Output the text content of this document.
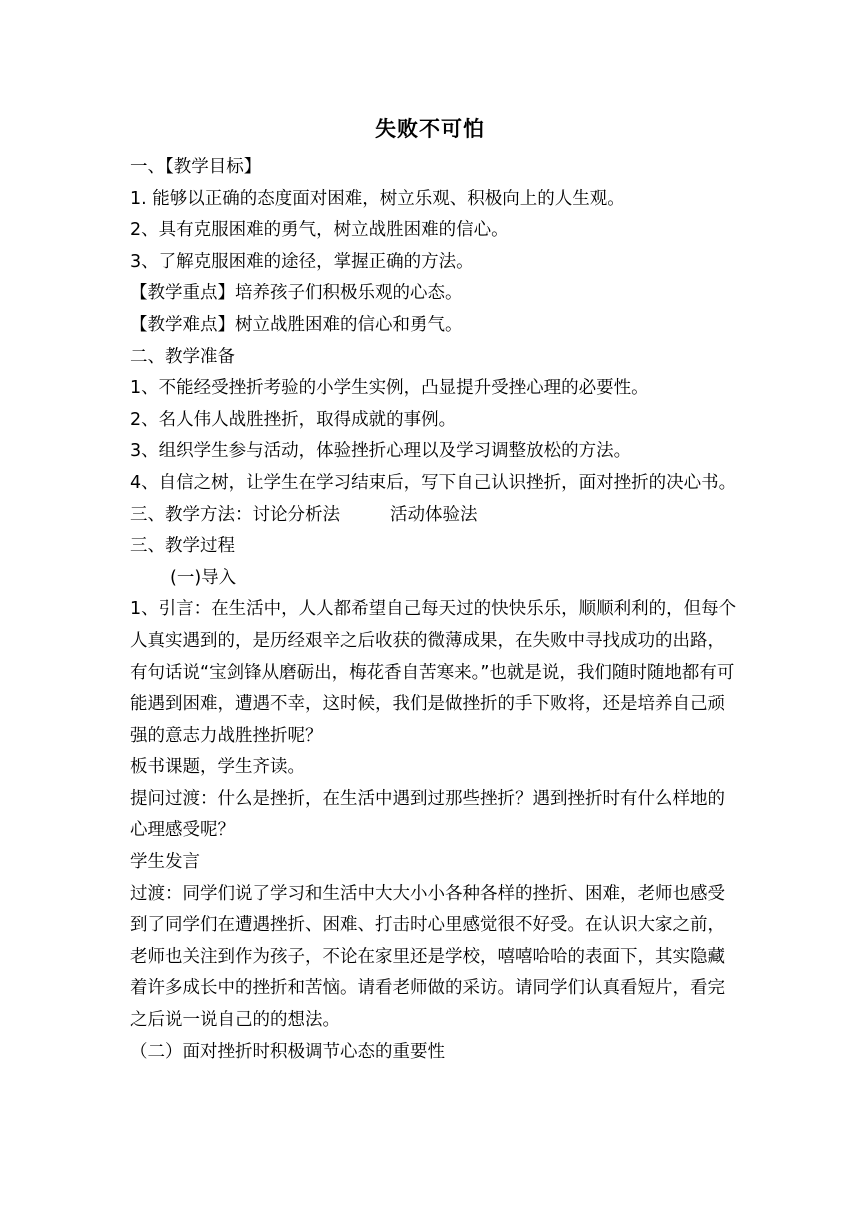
失败不可怕

一、【教学目标】

1. 能够以正确的态度面对困难，树立乐观、积极向上的人生观。

2、具有克服困难的勇气，树立战胜困难的信心。

3、了解克服困难的途径，掌握正确的方法。

【教学重点】培养孩子们积极乐观的心态。

【教学难点】树立战胜困难的信心和勇气。

二、教学准备

1、不能经受挫折考验的小学生实例，凸显提升受挫心理的必要性。

2、名人伟人战胜挫折，取得成就的事例。

3、组织学生参与活动，体验挫折心理以及学习调整放松的方法。

4、自信之树，让学生在学习结束后，写下自己认识挫折，面对挫折的决心书。

三、教学方法：讨论分析法	活动体验法

三、教学过程

(一)导入

1、引言：在生活中，人人都希望自己每天过的快快乐乐，顺顺利利的，但每个人真实遇到的，是历经艰辛之后收获的微薄成果，在失败中寻找成功的出路，有句话说“宝剑锋从磨砺出，梅花香自苦寒来。”也就是说，我们随时随地都有可能遇到困难，遭遇不幸，这时候，我们是做挫折的手下败将，还是培养自己顽强的意志力战胜挫折呢？

板书课题，学生齐读。

提问过渡：什么是挫折，在生活中遇到过那些挫折？遇到挫折时有什么样地的心理感受呢？

学生发言

过渡：同学们说了学习和生活中大大小小各种各样的挫折、困难，老师也感受到了同学们在遭遇挫折、困难、打击时心里感觉很不好受。在认识大家之前，老师也关注到作为孩子，不论在家里还是学校，嘻嘻哈哈的表面下，其实隐藏着许多成长中的挫折和苦恼。请看老师做的采访。请同学们认真看短片，看完之后说一说自己的的想法。

（二）面对挫折时积极调节心态的重要性
